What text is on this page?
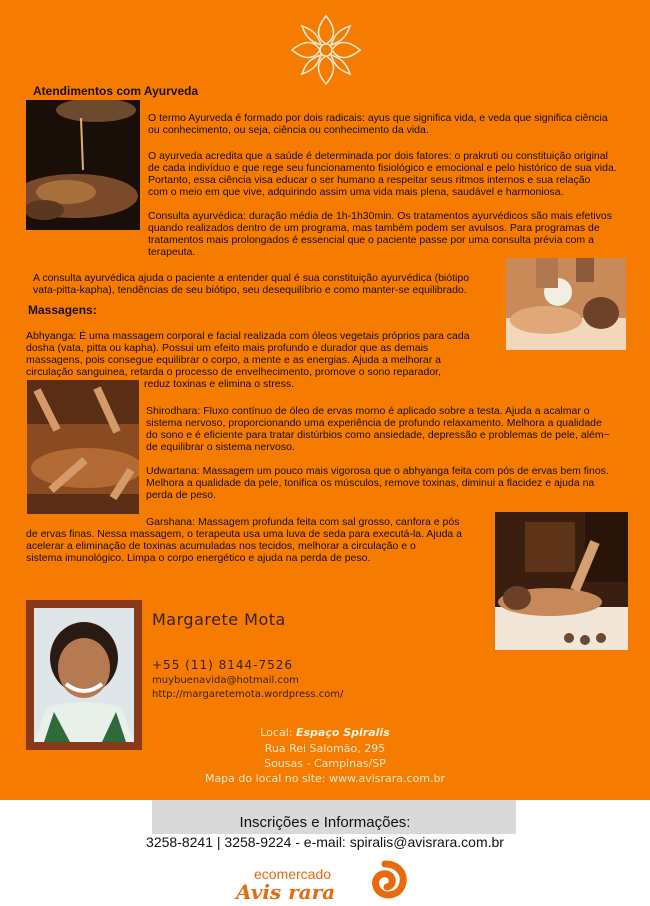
Atendimentos com Ayurveda

O termo Ayurveda é formado por dois radicais: ayus que significa vida, e veda que significa ciência
ou conhecimento, ou seja, ciência ou conhecimento da vida.

O ayurveda acredita que a saúde é determinada por dois fatores: o prakruti ou constituição original
de cada indivíduo e que rege seu funcionamento fisiológico e emocional e pelo histórico de sua vida.
Portanto, essa ciência visa educar o ser humano a respeitar seus ritmos internos e sua relação
com o meio em que vive, adquirindo assim uma vida mais plena, saudável e harmoniosa.

Consulta ayurvédica: duração média de 1h-1h30min. Os tratamentos ayurvédicos são mais efetivos
quando realizados dentro de um programa, mas também podem ser avulsos. Para programas de
tratamentos mais prolongados é essencial que o paciente passe por uma consulta prévia com a
terapeuta.

A consulta ayurvédica ajuda o paciente a entender qual é sua constituição ayurvédica (biótipo
vata-pitta-kapha), tendências de seu biótipo, seu desequilíbrio e como manter-se equilibrado.

Massagens:

Abhyanga: É uma massagem corporal e facial realizada com óleos vegetais próprios para cada
dosha (vata, pitta ou kapha). Possui um efeito mais profundo e durador que as demais
massagens, pois consegue equilibrar o corpo, a mente e as energias. Ajuda a melhorar a
circulação sanguinea, retarda o processo de envelhecimento, promove o sono reparador,
reduz toxinas e elimina o stress.

Shirodhara: Fluxo contínuo de óleo de ervas morno é aplicado sobre a testa. Ajuda a acalmar o
sistema nervoso, proporcionando uma experiência de profundo relaxamento. Melhora a qualidade
do sono e é eficiente para tratar distúrbios como ansiedade, depressão e problemas de pele, além~
de equilibrar o sistema nervoso.

Udwartana: Massagem um pouco mais vigorosa que o abhyanga feita com pós de ervas bem finos.
Melhora a qualidade da pele, tonifica os músculos, remove toxinas, diminui a flacidez e ajuda na
perda de peso.

Garshana: Massagem profunda feita com sal grosso, canfora e pós
de ervas finas. Nessa massagem, o terapeuta usa uma luva de seda para executá-la. Ajuda a
acelerar a eliminação de toxinas acumuladas nos tecidos, melhorar a circulação e o
sistema imunológico. Limpa o corpo energético e ajuda na perda de peso.

Margarete Mota
+55 (11) 8144-7526
muybuenavida@hotmail.com
http://margaretemota.wordpress.com/
Local: Espaço Spiralis
Rua Rei Salomão, 295
Sousas - Campinas/SP
Mapa do local no site: www.avisrara.com.br
Inscrições e Informações:
3258-8241 | 3258-9224 - e-mail: spiralis@avisrara.com.br
ecomercado
Avis rara
